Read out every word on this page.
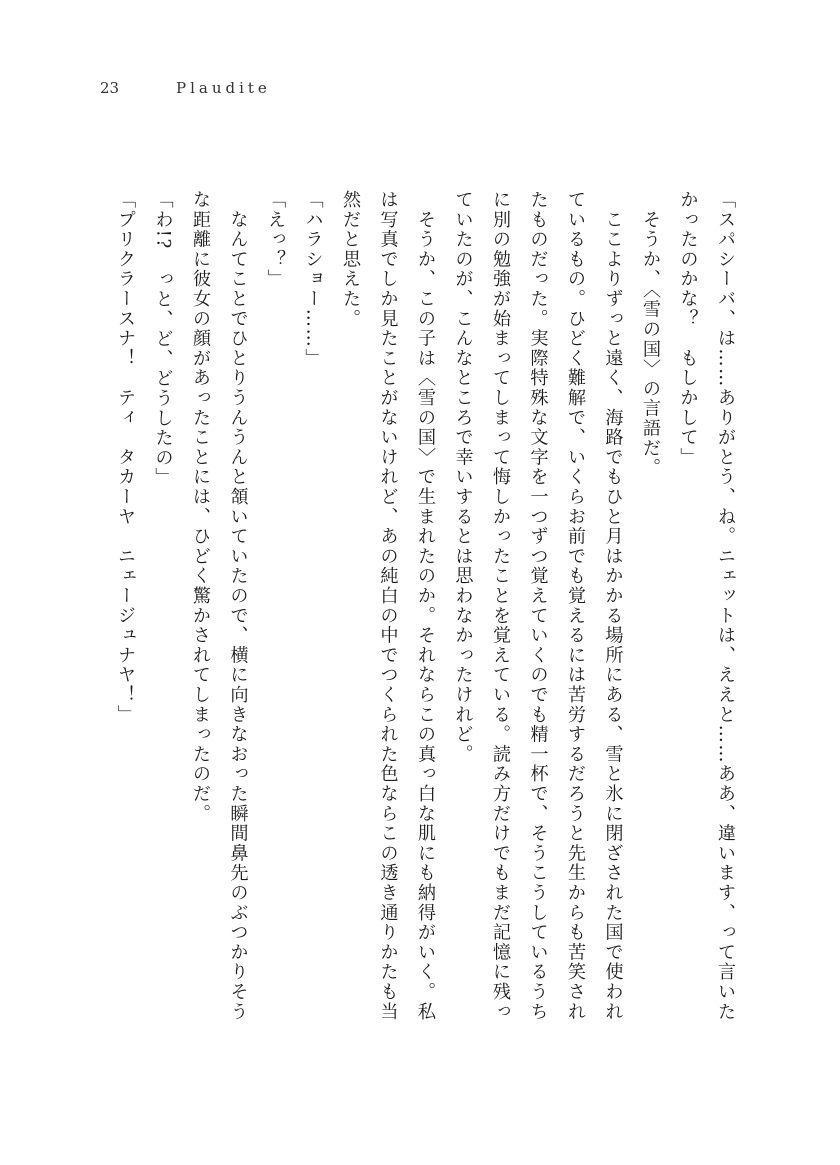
23	Plaudite
「スパシーバ、は……ありがとう、ね。ニェットは、ええと……ああ、違います、って言いた
かったのかな？　もしかして」
　そうか、〈雪の国〉の言語だ。
　ここよりずっと遠く、海路でもひと月はかかる場所にある、雪と氷に閉ざされた国で使われ
ているもの。ひどく難解で、いくらお前でも覚えるには苦労するだろうと先生からも苦笑され
たものだった。実際特殊な文字を一つずつ覚えていくのでも精一杯で、そうこうしているうち
に別の勉強が始まってしまって悔しかったことを覚えている。読み方だけでもまだ記憶に残っ
ていたのが、こんなところで幸いするとは思わなかったけれど。
　そうか、この子は〈雪の国〉で生まれたのか。それならこの真っ白な肌にも納得がいく。私
は写真でしか見たことがないけれど、あの純白の中でつくられた色ならこの透き通りかたも当
然だと思えた。
「ハラショー……」
「えっ？」
　なんてことでひとりうんうんと頷いていたので、横に向きなおった瞬間鼻先のぶつかりそう
な距離に彼女の顔があったことには、ひどく驚かされてしまったのだ。
「わ!?　っと、ど、どうしたの」
「プリクラースナ！　ティ　タカーヤ　ニェージュナヤ！」
